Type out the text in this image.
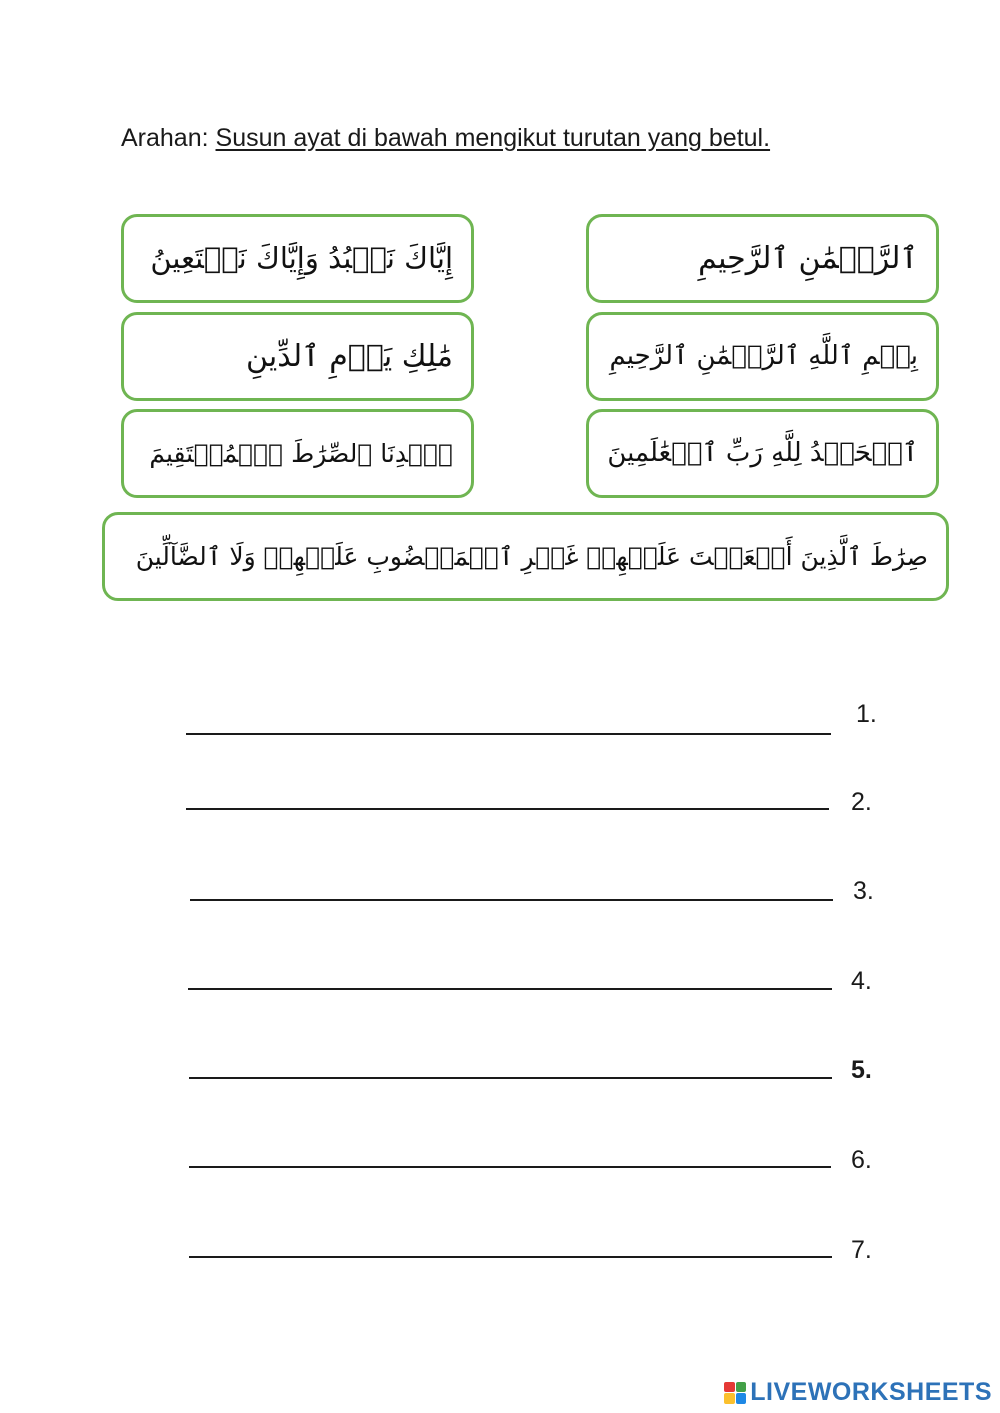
Arahan: Susun ayat di bawah mengikut turutan yang betul.
ٱلرَّحۡمَٰنِ ٱلرَّحِيمِ
إِيَّاكَ نَعۡبُدُ وَإِيَّاكَ نَسۡتَعِينُ
بِسۡمِ ٱللَّهِ ٱلرَّحۡمَٰنِ ٱلرَّحِيمِ
مَٰلِكِ يَوۡمِ ٱلدِّينِ
ٱلۡحَمۡدُ لِلَّهِ رَبِّ ٱلۡعَٰلَمِينَ
ٱهۡدِنَا ٱلصِّرَٰطَ ٱلۡمُسۡتَقِيمَ
صِرَٰطَ ٱلَّذِينَ أَنۡعَمۡتَ عَلَيۡهِمۡ غَيۡرِ ٱلۡمَغۡضُوبِ عَلَيۡهِمۡ وَلَا ٱلضَّآلِّينَ
1.
2.
3.
4.
5.
6.
7.
LIVEWORKSHEETS
